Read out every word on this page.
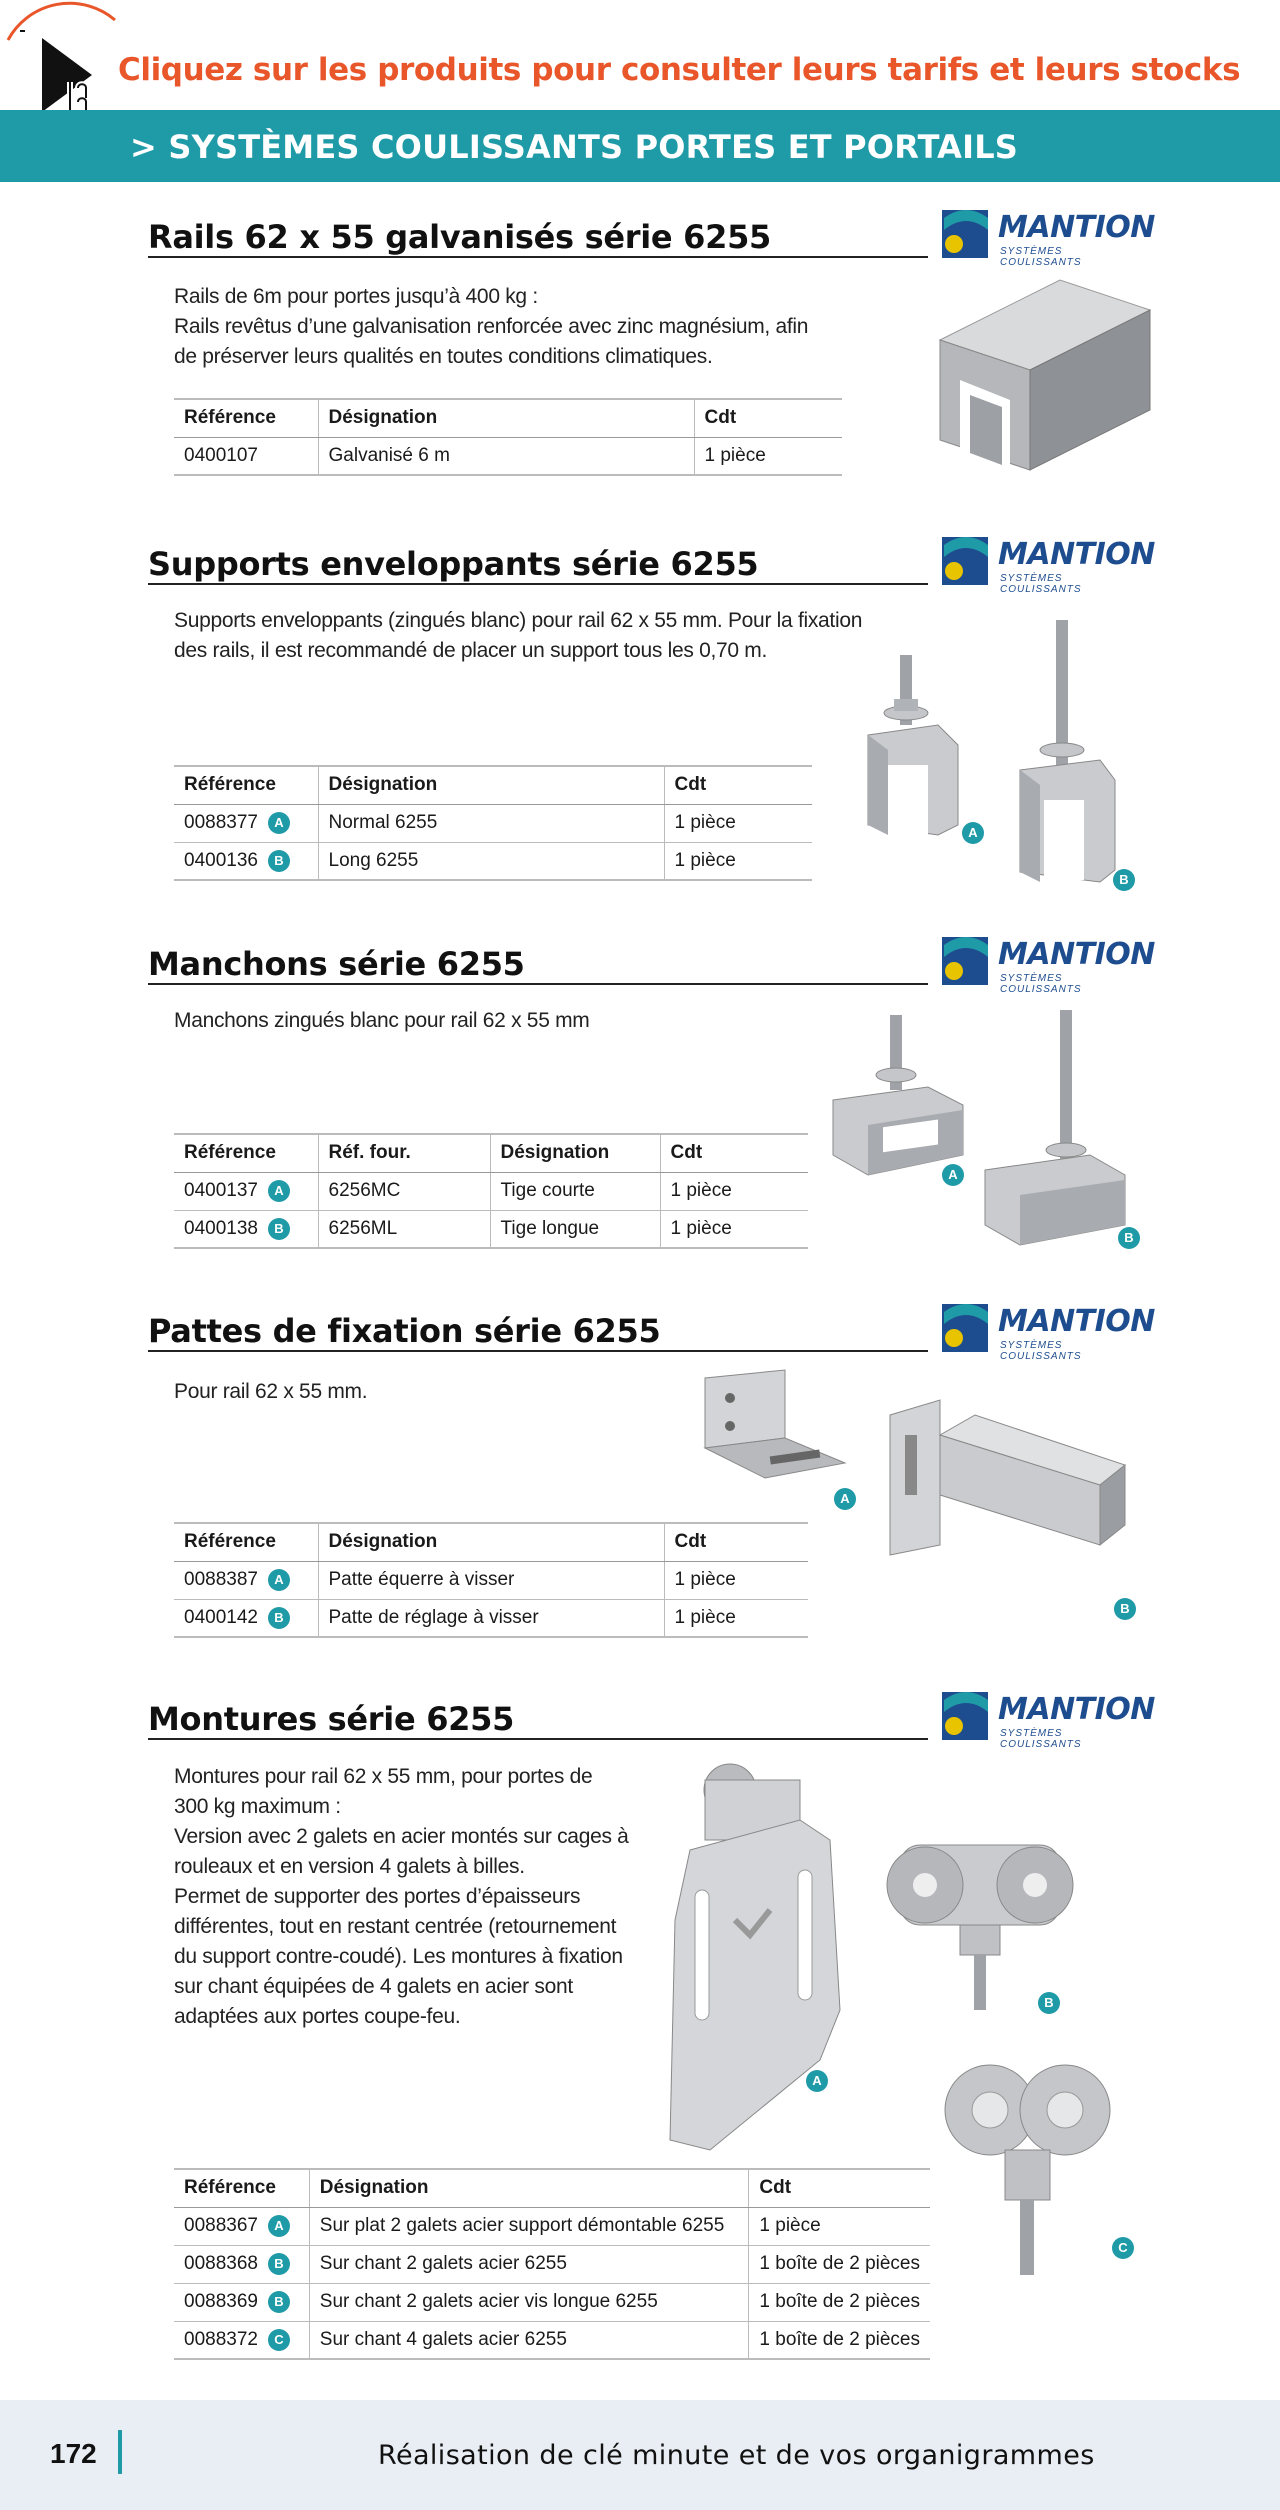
Cliquez sur les produits pour consulter leurs tarifs et leurs stocks
> SYSTÈMES COULISSANTS PORTES ET PORTAILS
Rails 62 x 55 galvanisés série 6255	MANTION
SYSTÈMES COULISSANTS
Rails de 6m pour portes jusqu’à 400 kg :
Rails revêtus d’une galvanisation renforcée avec zinc magnésium, afin
de préserver leurs qualités en toutes conditions climatiques.
Référence	Désignation	Cdt
0400107	Galvanisé 6 m	1 pièce
Supports enveloppants série 6255	MANTION
SYSTÈMES COULISSANTS
Supports enveloppants (zingués blanc) pour rail 62 x 55 mm. Pour la fixation
des rails, il est recommandé de placer un support tous les 0,70 m.
Référence	Désignation	Cdt
0088377 A	Normal 6255	1 pièce
0400136 B	Long 6255	1 pièce
A
B
Manchons série 6255	MANTION
SYSTÈMES COULISSANTS
Manchons zingués blanc pour rail 62 x 55 mm
Référence	Réf. four.	Désignation	Cdt
0400137 A	6256MC	Tige courte	1 pièce
0400138 B	6256ML	Tige longue	1 pièce
A
B
Pattes de fixation série 6255	MANTION
SYSTÈMES COULISSANTS
Pour rail 62 x 55 mm.
Référence	Désignation	Cdt
0088387 A	Patte équerre à visser	1 pièce
0400142 B	Patte de réglage à visser	1 pièce
A
B
Montures série 6255	MANTION
SYSTÈMES COULISSANTS
Montures pour rail 62 x 55 mm, pour portes de
300 kg maximum :
Version avec 2 galets en acier montés sur cages à
rouleaux et en version 4 galets à billes.
Permet de supporter des portes d’épaisseurs
différentes, tout en restant centrée (retournement
du support contre-coudé). Les montures à fixation
sur chant équipées de 4 galets en acier sont
adaptées aux portes coupe-feu.
Référence	Désignation	Cdt
0088367 A	Sur plat 2 galets acier support démontable 6255	1 pièce
0088368 B	Sur chant 2 galets acier 6255	1 boîte de 2 pièces
0088369 B	Sur chant 2 galets acier vis longue 6255	1 boîte de 2 pièces
0088372 C	Sur chant 4 galets acier 6255	1 boîte de 2 pièces
A
B
C
172	Réalisation de clé minute et de vos organigrammes
